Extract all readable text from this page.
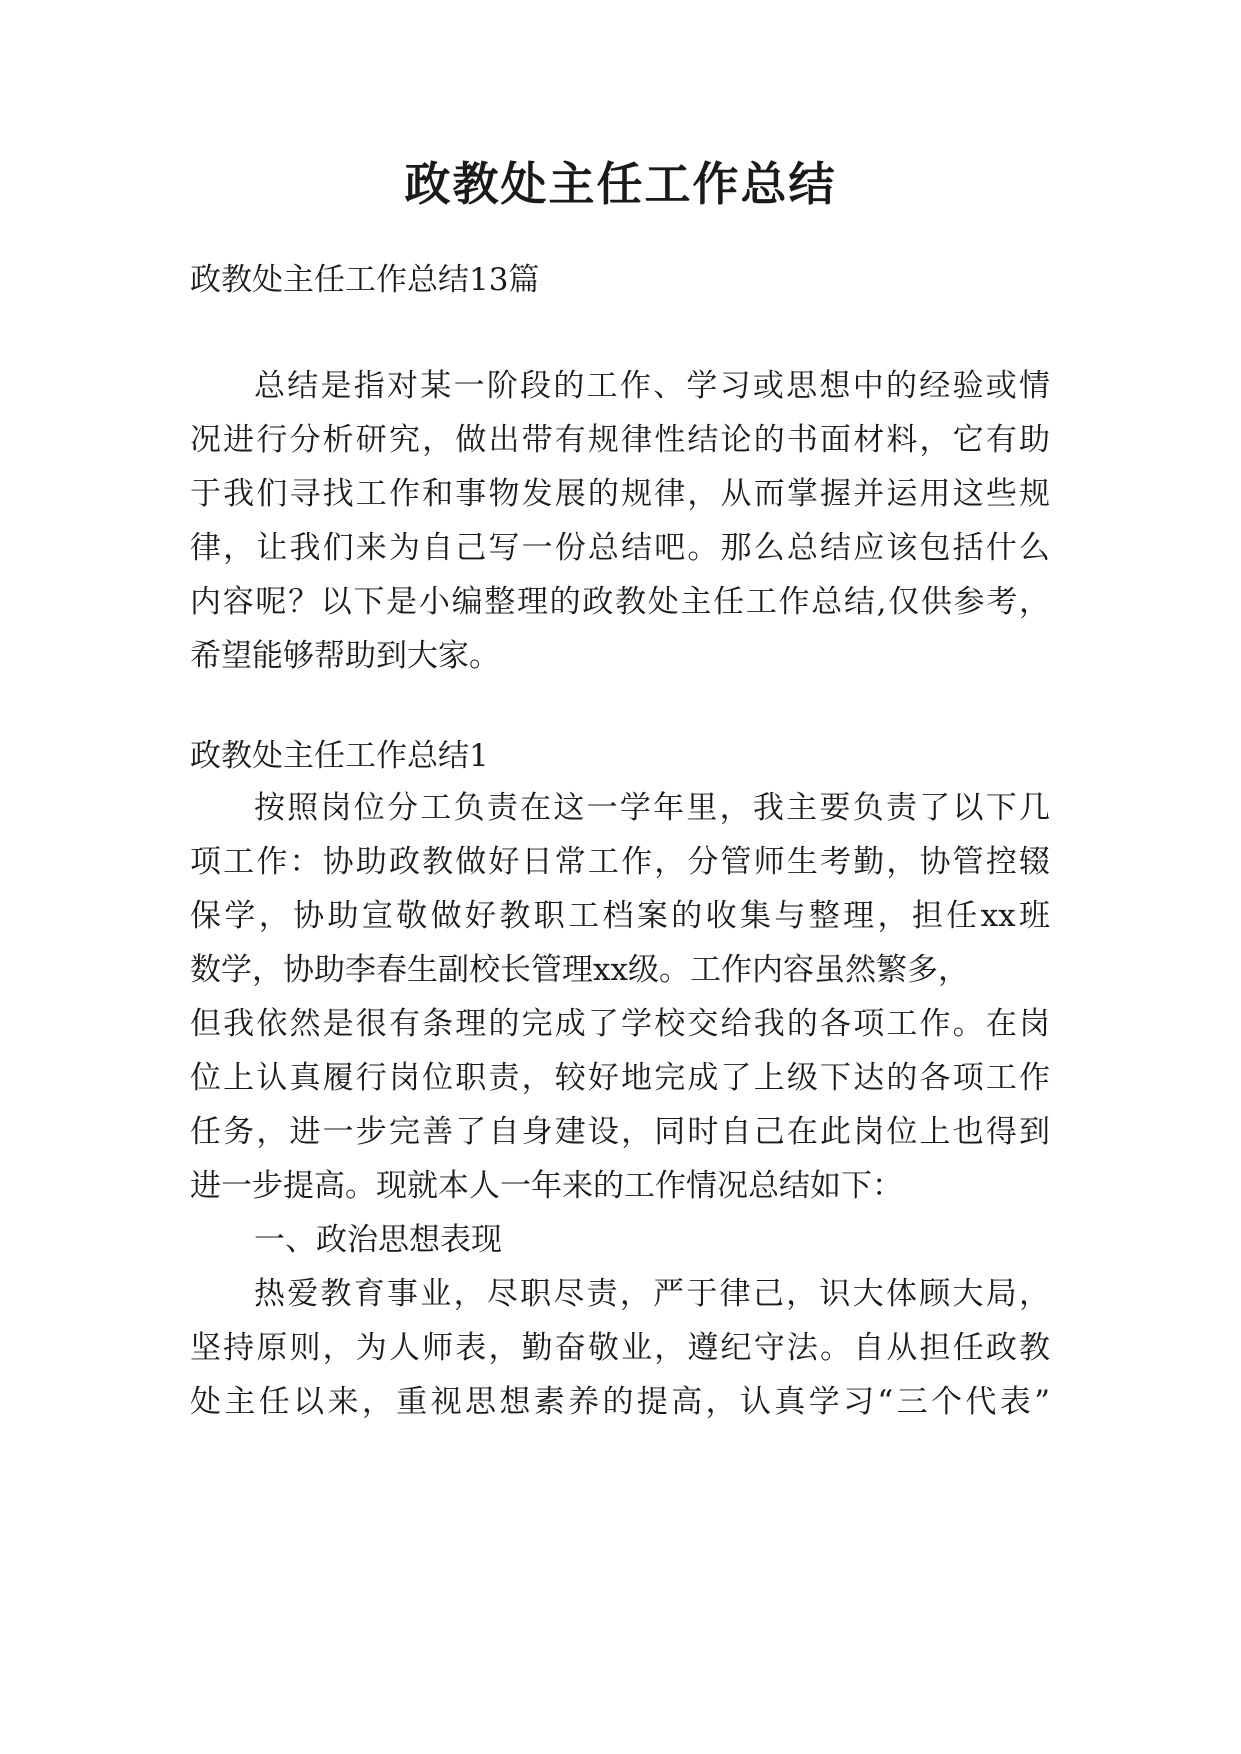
政教处主任工作总结

政教处主任工作总结13篇

总结是指对某一阶段的工作、学习或思想中的经验或情

况进行分析研究，做出带有规律性结论的书面材料，它有助

于我们寻找工作和事物发展的规律，从而掌握并运用这些规

律，让我们来为自己写一份总结吧。那么总结应该包括什么

内容呢？以下是小编整理的政教处主任工作总结,仅供参考，

希望能够帮助到大家。

政教处主任工作总结1

按照岗位分工负责在这一学年里，我主要负责了以下几

项工作：协助政教做好日常工作，分管师生考勤，协管控辍

保学，协助宣敬做好教职工档案的收集与整理，担任xx班

数学，协助李春生副校长管理xx级。工作内容虽然繁多，

但我依然是很有条理的完成了学校交给我的各项工作。在岗

位上认真履行岗位职责，较好地完成了上级下达的各项工作

任务，进一步完善了自身建设，同时自己在此岗位上也得到

进一步提高。现就本人一年来的工作情况总结如下：

一、政治思想表现

热爱教育事业，尽职尽责，严于律己，识大体顾大局，

坚持原则，为人师表，勤奋敬业，遵纪守法。自从担任政教

处主任以来，重视思想素养的提高，认真学习“三个代表”
